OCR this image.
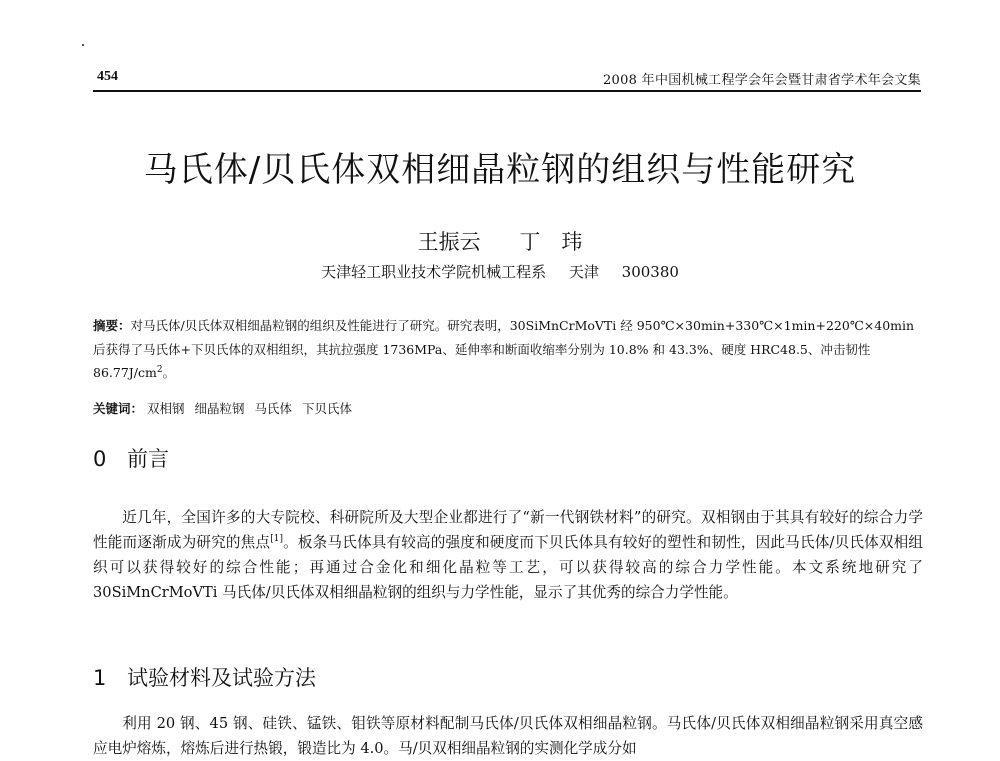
454	2008 年中国机械工程学会年会暨甘肃省学术年会文集
马氏体/贝氏体双相细晶粒钢的组织与性能研究
王振云 丁　玮
天津轻工职业技术学院机械工程系 天津 300380

摘要：对马氏体/贝氏体双相细晶粒钢的组织及性能进行了研究。研究表明，30SiMnCrMoVTi 经 950℃×30min+330℃×1min+220℃×40min 后获得了马氏体+下贝氏体的双相组织，其抗拉强度 1736MPa、延伸率和断面收缩率分别为 10.8% 和 43.3%、硬度 HRC48.5、冲击韧性 $86.77J/cm^2$。

关键词： 双相钢 细晶粒钢 马氏体 下贝氏体

0 前言

近几年，全国许多的大专院校、科研院所及大型企业都进行了“新一代钢铁材料”的研究。双相钢由于其具有较好的综合力学性能而逐渐成为研究的焦点[1]。板条马氏体具有较高的强度和硬度而下贝氏体具有较好的塑性和韧性，因此马氏体/贝氏体双相组织可以获得较好的综合性能；再通过合金化和细化晶粒等工艺，可以获得较高的综合力学性能。本文系统地研究了 30SiMnCrMoVTi 马氏体/贝氏体双相细晶粒钢的组织与力学性能，显示了其优秀的综合力学性能。

1 试验材料及试验方法

利用 20 钢、45 钢、硅铁、锰铁、钼铁等原材料配制马氏体/贝氏体双相细晶粒钢。马氏体/贝氏体双相细晶粒钢采用真空感应电炉熔炼，熔炼后进行热锻，锻造比为 4.0。马/贝双相细晶粒钢的实测化学成分如
